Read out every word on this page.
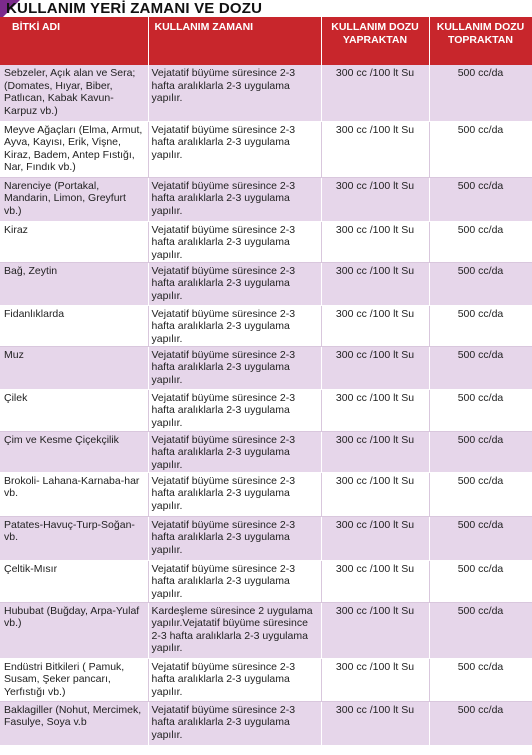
KULLANIM YERİ ZAMANI VE DOZU
BİTKİ ADI	KULLANIM ZAMANI	KULLANIM DOZU YAPRAKTAN	KULLANIM DOZU TOPRAKTAN
Sebzeler, Açık alan ve Sera; (Domates, Hıyar, Biber, Patlıcan, Kabak Kavun-Karpuz vb.)	Vejatatif büyüme süresince 2-3 hafta aralıklarla 2-3 uygulama yapılır.	300 cc /100 lt Su	500 cc/da
Meyve Ağaçları (Elma, Armut, Ayva, Kayısı, Erik, Vişne, Kiraz, Badem, Antep Fıstığı, Nar, Fındık vb.)	Vejatatif büyüme süresince 2-3 hafta aralıklarla 2-3 uygulama yapılır.	300 cc /100 lt Su	500 cc/da
Narenciye (Portakal, Mandarin, Limon, Greyfurt vb.)	Vejatatif büyüme süresince 2-3 hafta aralıklarla 2-3 uygulama yapılır.	300 cc /100 lt Su	500 cc/da
Kiraz	Vejatatif büyüme süresince 2-3 hafta aralıklarla 2-3 uygulama yapılır.	300 cc /100 lt Su	500 cc/da
Bağ, Zeytin	Vejatatif büyüme süresince 2-3 hafta aralıklarla 2-3 uygulama yapılır.	300 cc /100 lt Su	500 cc/da
Fidanlıklarda	Vejatatif büyüme süresince 2-3 hafta aralıklarla 2-3 uygulama yapılır.	300 cc /100 lt Su	500 cc/da
Muz	Vejatatif büyüme süresince 2-3 hafta aralıklarla 2-3 uygulama yapılır.	300 cc /100 lt Su	500 cc/da
Çilek	Vejatatif büyüme süresince 2-3 hafta aralıklarla 2-3 uygulama yapılır.	300 cc /100 lt Su	500 cc/da
Çim ve Kesme Çiçekçilik	Vejatatif büyüme süresince 2-3 hafta aralıklarla 2-3 uygulama yapılır.	300 cc /100 lt Su	500 cc/da
Brokoli- Lahana-Karnaba-har vb.	Vejatatif büyüme süresince 2-3 hafta aralıklarla 2-3 uygulama yapılır.	300 cc /100 lt Su	500 cc/da
Patates-Havuç-Turp-Soğan- vb.	Vejatatif büyüme süresince 2-3 hafta aralıklarla 2-3 uygulama yapılır.	300 cc /100 lt Su	500 cc/da
Çeltik-Mısır	Vejatatif büyüme süresince 2-3 hafta aralıklarla 2-3 uygulama yapılır.	300 cc /100 lt Su	500 cc/da
Hububat (Buğday, Arpa-Yulaf vb.)	Kardeşleme süresince 2 uygulama yapılır.Vejatatif büyüme süresince 2-3 hafta aralıklarla 2-3 uygulama yapılır.	300 cc /100 lt Su	500 cc/da
Endüstri Bitkileri ( Pamuk, Susam, Şeker pancarı, Yerfıstığı vb.)	Vejatatif büyüme süresince 2-3 hafta aralıklarla 2-3 uygulama yapılır.	300 cc /100 lt Su	500 cc/da
Baklagiller (Nohut, Mercimek, Fasulye, Soya v.b	Vejatatif büyüme süresince 2-3 hafta aralıklarla 2-3 uygulama yapılır.	300 cc /100 lt Su	500 cc/da
